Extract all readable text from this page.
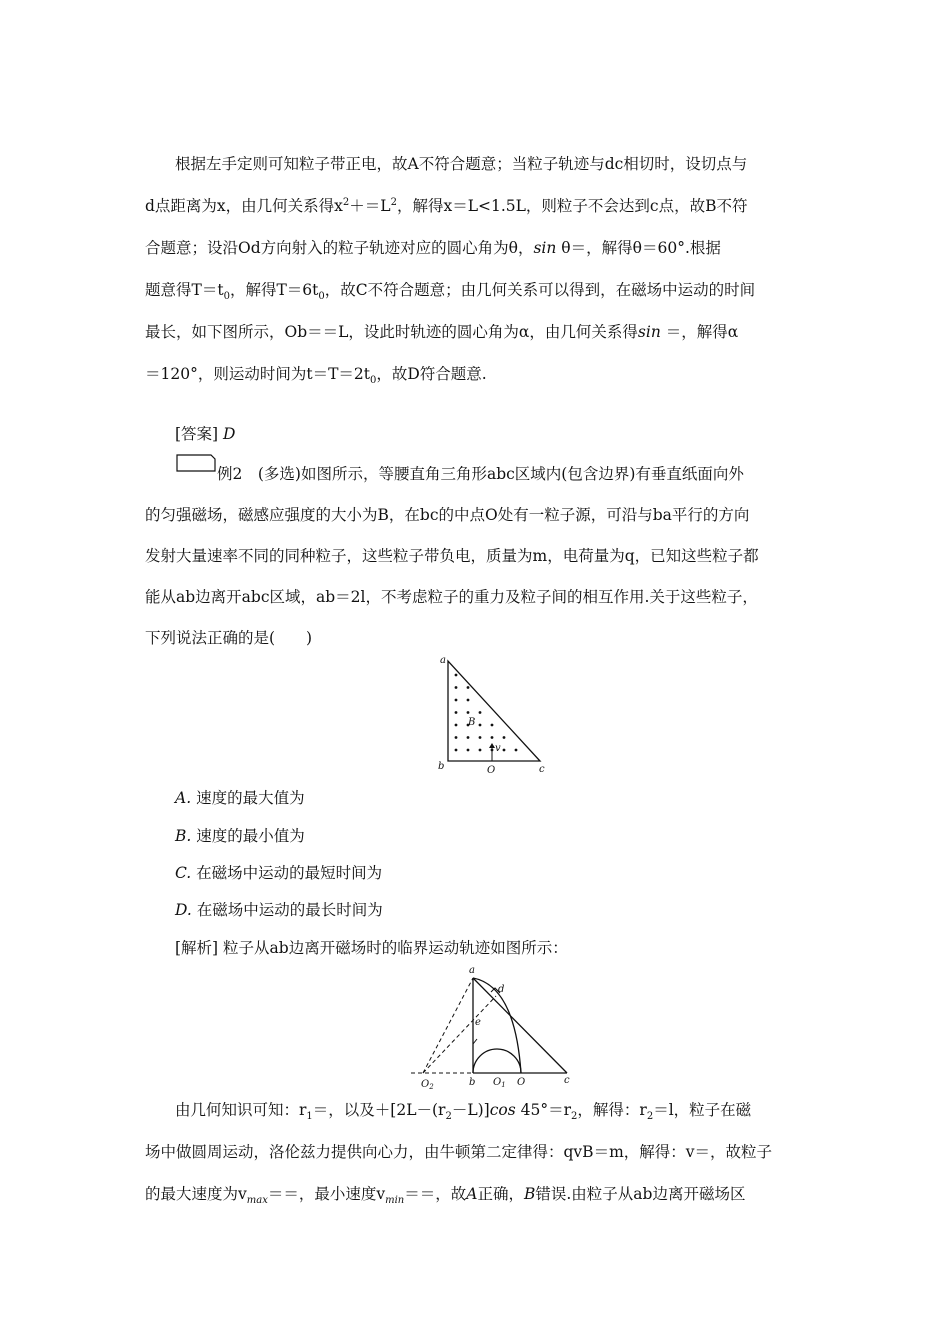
根据左手定则可知粒子带正电，故A不符合题意；当粒子轨迹与dc相切时，设切点与
d点距离为x，由几何关系得$x^2+=L^2$，解得x＝L<1.5L，则粒子不会达到c点，故B不符
合题意；设沿Od方向射入的粒子轨迹对应的圆心角为θ，sin θ＝，解得θ＝60°.根据
题意得$T=t_0$，解得$T=6t_0$，故C不符合题意；由几何关系可以得到，在磁场中运动的时间
最长，如下图所示，Ob＝＝L，设此时轨迹的圆心角为α，由几何关系得sin ＝，解得α
＝120°，则运动时间为$t=T=2t_0$，故D符合题意.
[答案] D
例2　(多选)如图所示，等腰直角三角形abc区域内(包含边界)有垂直纸面向外
的匀强磁场，磁感应强度的大小为B，在bc的中点O处有一粒子源，可沿与ba平行的方向
发射大量速率不同的同种粒子，这些粒子带负电，质量为m，电荷量为q，已知这些粒子都
能从ab边离开abc区域，ab＝2l，不考虑粒子的重力及粒子间的相互作用.关于这些粒子，
下列说法正确的是(　　)
a
b	c
O
B
v
A. 速度的最大值为
B. 速度的最小值为
C. 在磁场中运动的最短时间为
D. 在磁场中运动的最长时间为
[解析] 粒子从ab边离开磁场时的临界运动轨迹如图所示：
a
d
e
$O_2$	b $O_1$ O	c
由几何知识可知：$r_1=$，以及$+[2L-(r_2-L)]\cos$ $45^\circ=r_2$，解得：$r_2=l$，粒子在磁
场中做圆周运动，洛伦兹力提供向心力，由牛顿第二定律得：qvB＝m，解得：v＝，故粒子
的最大速度为$v_{max}==$，最小速度$v_{min}==$，故A正确，B错误.由粒子从ab边离开磁场区
